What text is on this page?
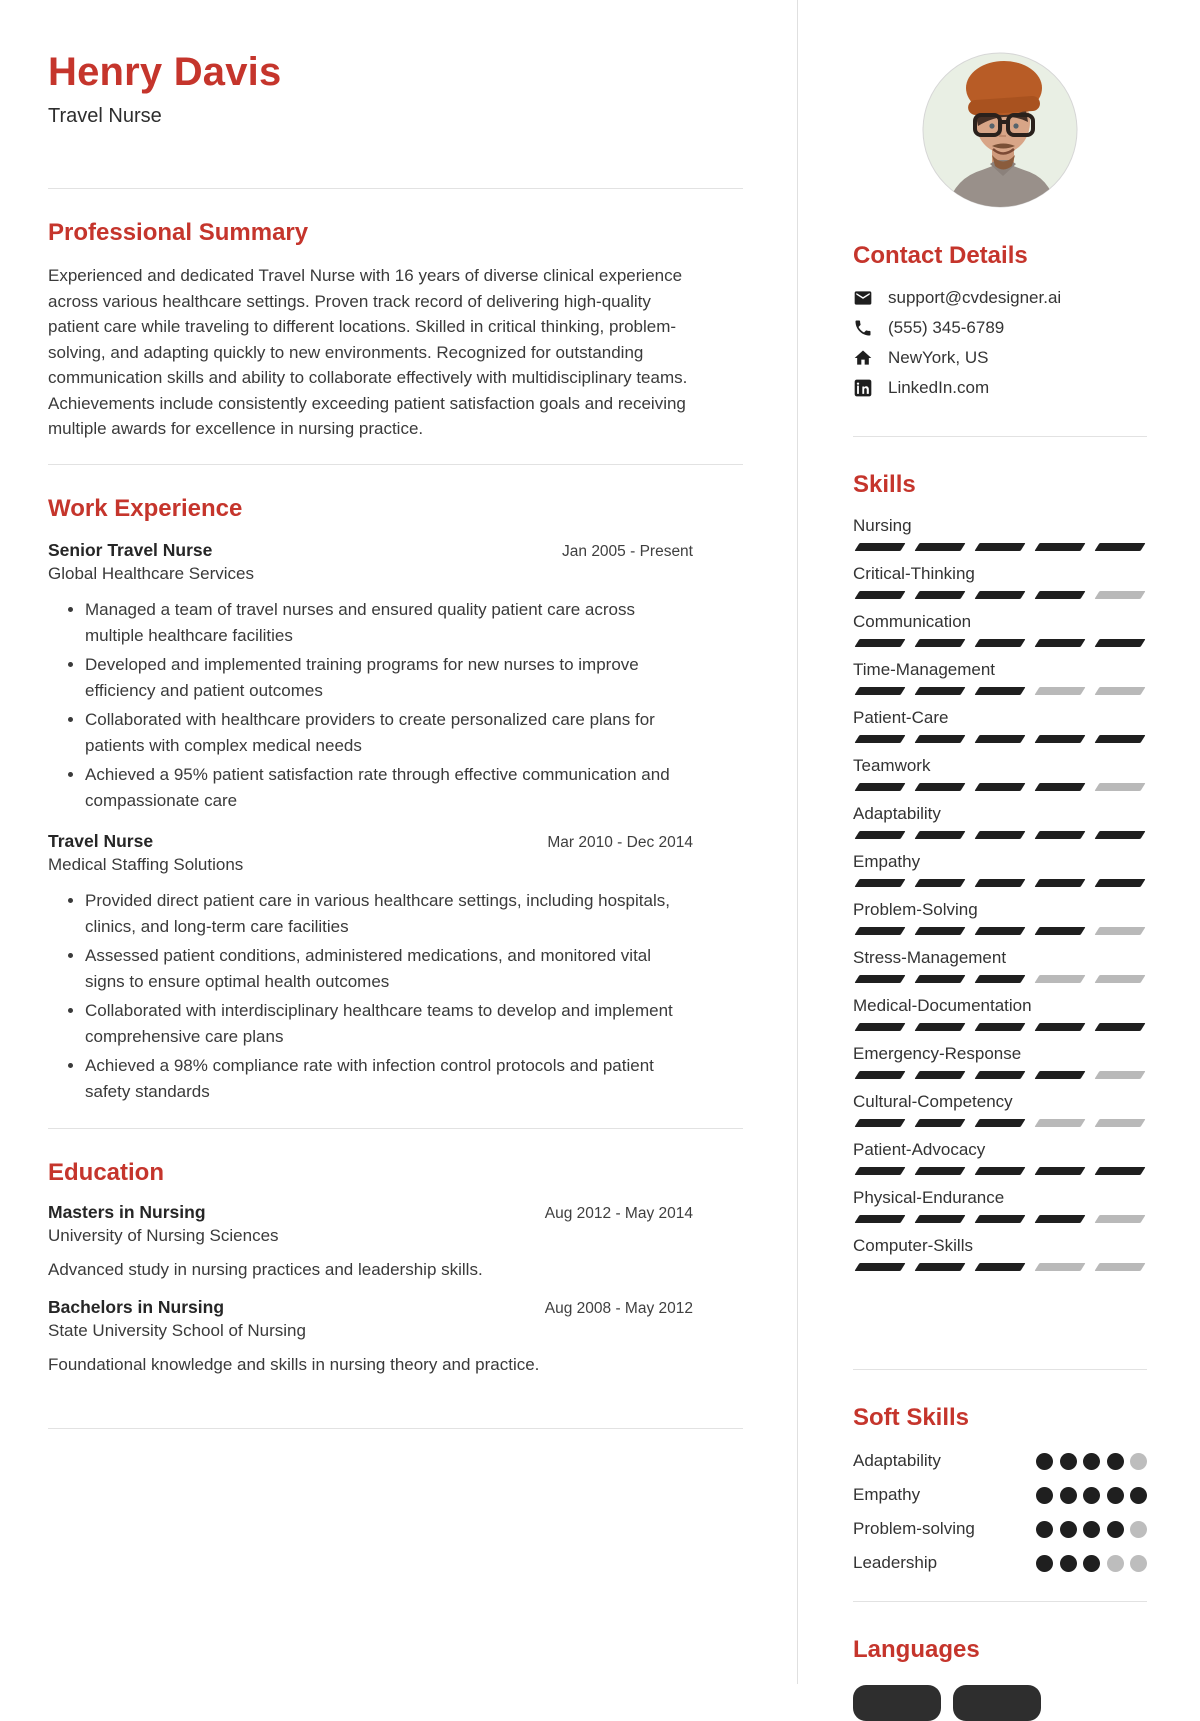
Henry Davis
Travel Nurse
Professional Summary

Experienced and dedicated Travel Nurse with 16 years of diverse clinical experience across various healthcare settings. Proven track record of delivering high-quality patient care while traveling to different locations. Skilled in critical thinking, problem-solving, and adapting quickly to new environments. Recognized for outstanding communication skills and ability to collaborate effectively with multidisciplinary teams. Achievements include consistently exceeding patient satisfaction goals and receiving multiple awards for excellence in nursing practice.

Work Experience
Senior Travel Nurse	Jan 2005 - Present
Global Healthcare Services
• Managed a team of travel nurses and ensured quality patient care across multiple healthcare facilities
• Developed and implemented training programs for new nurses to improve efficiency and patient outcomes
• Collaborated with healthcare providers to create personalized care plans for patients with complex medical needs
• Achieved a 95% patient satisfaction rate through effective communication and compassionate care
Travel Nurse	Mar 2010 - Dec 2014
Medical Staffing Solutions
• Provided direct patient care in various healthcare settings, including hospitals, clinics, and long-term care facilities
• Assessed patient conditions, administered medications, and monitored vital signs to ensure optimal health outcomes
• Collaborated with interdisciplinary healthcare teams to develop and implement comprehensive care plans
• Achieved a 98% compliance rate with infection control protocols and patient safety standards
Education
Masters in Nursing	Aug 2012 - May 2014
University of Nursing Sciences
Advanced study in nursing practices and leadership skills.
Bachelors in Nursing	Aug 2008 - May 2012
State University School of Nursing
Foundational knowledge and skills in nursing theory and practice.
Contact Details
support@cvdesigner.ai
(555) 345-6789
NewYork, US
LinkedIn.com
Skills
Nursing
Critical-Thinking
Communication
Time-Management
Patient-Care
Teamwork
Adaptability
Empathy
Problem-Solving
Stress-Management
Medical-Documentation
Emergency-Response
Cultural-Competency
Patient-Advocacy
Physical-Endurance
Computer-Skills
Soft Skills
Adaptability
Empathy
Problem-solving
Leadership
Languages
